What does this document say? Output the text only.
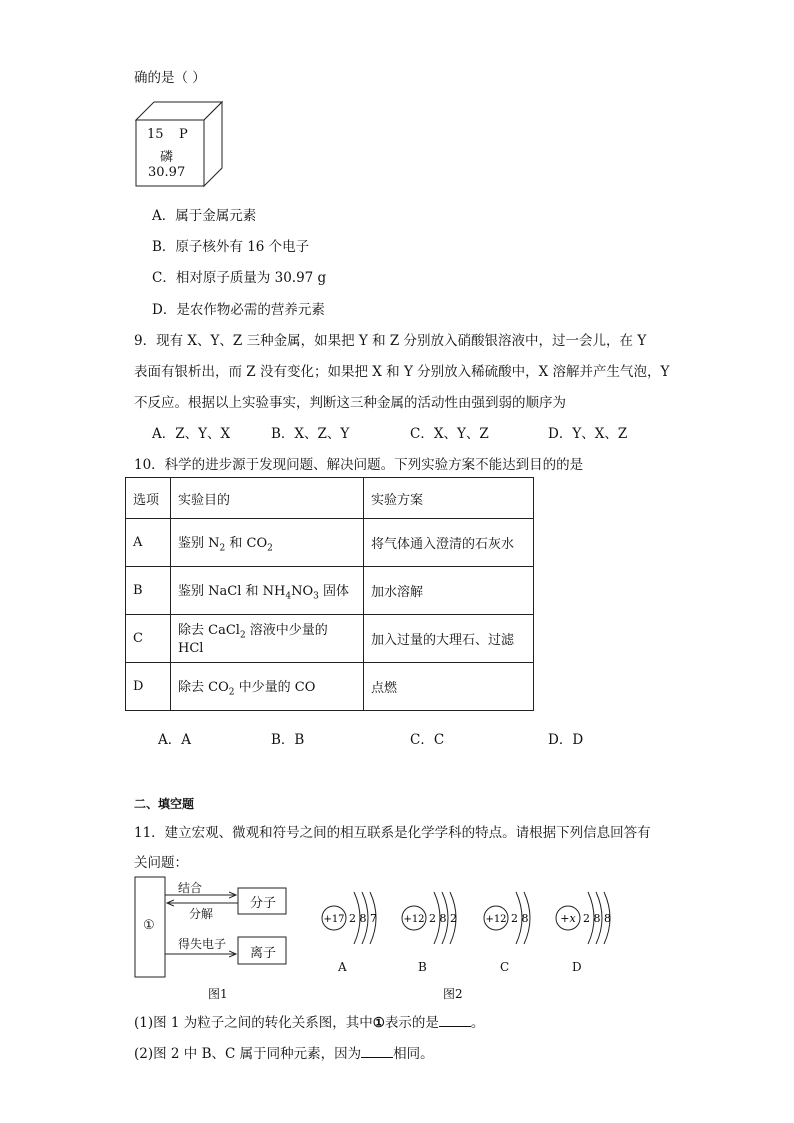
确的是（ ）
15 P
磷
30.97
A．属于金属元素
B．原子核外有 16 个电子
C．相对原子质量为 30.97 g
D．是农作物必需的营养元素
9．现有 X、Y、Z 三种金属，如果把 Y 和 Z 分别放入硝酸银溶液中，过一会儿，在 Y
表面有银析出，而 Z 没有变化；如果把 X 和 Y 分别放入稀硫酸中，X 溶解并产生气泡，Y
不反应。根据以上实验事实，判断这三种金属的活动性由强到弱的顺序为
A．Z、Y、X	B．X、Z、Y	C．X、Y、Z	D．Y、X、Z
10．科学的进步源于发现问题、解决问题。下列实验方案不能达到目的的是
选项	实验目的	实验方案
A	鉴别 $N_2$ 和 $CO_2$	将气体通入澄清的石灰水
B	鉴别 NaCl 和 $NH_4NO_3$ 固体	加水溶解
C	除去 CaCl$_2$ 溶液中少量的 HCl	加入过量的大理石、过滤
D	除去 $CO_2$ 中少量的 CO	点燃
A．A	B．B	C．C	D．D
二、填空题
11．建立宏观、微观和符号之间的相互联系是化学学科的特点。请根据下列信息回答有
关问题：
①
结合
分解
得失电子
分子
离子
图1
+17 2 8 7
A
+12 2 8 2
B
+12 2 8
C
+x 2 8 8
D
图2
(1)图 1 为粒子之间的转化关系图，其中①表示的是 。
(2)图 2 中 B、C 属于同种元素，因为 相同。
